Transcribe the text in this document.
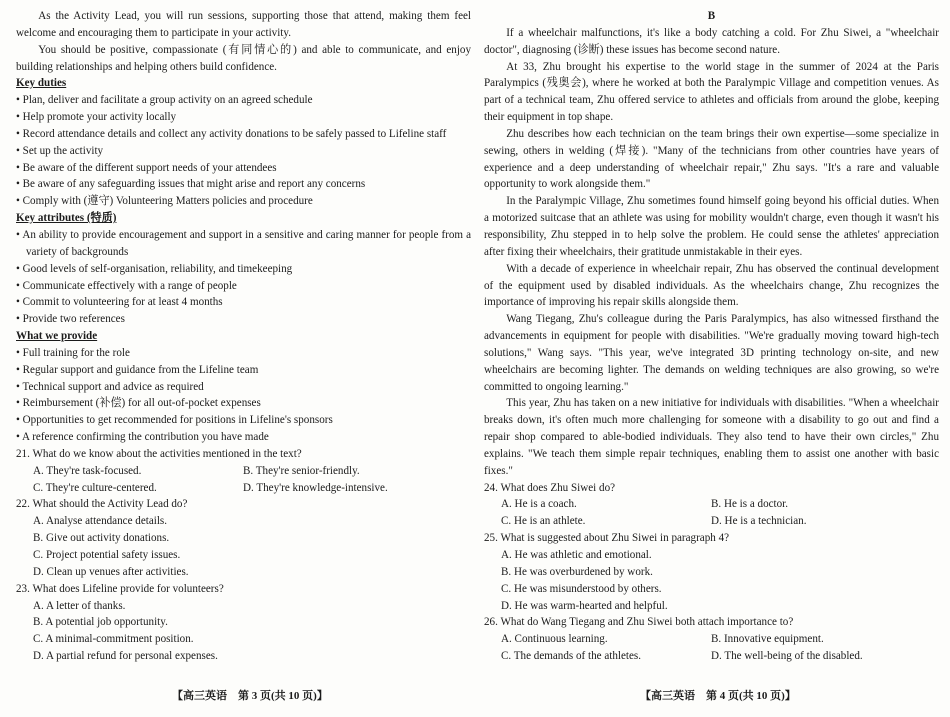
As the Activity Lead, you will run sessions, supporting those that attend, making them feel welcome and encouraging them to participate in your activity.

You should be positive, compassionate (有同情心的) and able to communicate, and enjoy building relationships and helping others build confidence.

Key duties

• Plan, deliver and facilitate a group activity on an agreed schedule

• Help promote your activity locally

• Record attendance details and collect any activity donations to be safely passed to Lifeline staff

• Set up the activity

• Be aware of the different support needs of your attendees

• Be aware of any safeguarding issues that might arise and report any concerns

• Comply with (遵守) Volunteering Matters policies and procedure

Key attributes (特质)

• An ability to provide encouragement and support in a sensitive and caring manner for people from a variety of backgrounds

• Good levels of self-organisation, reliability, and timekeeping

• Communicate effectively with a range of people

• Commit to volunteering for at least 4 months

• Provide two references

What we provide

• Full training for the role

• Regular support and guidance from the Lifeline team

• Technical support and advice as required

• Reimbursement (补偿) for all out-of-pocket expenses

• Opportunities to get recommended for positions in Lifeline's sponsors

• A reference confirming the contribution you have made

21. What do we know about the activities mentioned in the text?

A. They're task-focused.	B. They're senior-friendly.
C. They're culture-centered.	D. They're knowledge-intensive.

22. What should the Activity Lead do?

A. Analyse attendance details.

B. Give out activity donations.

C. Project potential safety issues.

D. Clean up venues after activities.

23. What does Lifeline provide for volunteers?

A. A letter of thanks.

B. A potential job opportunity.

C. A minimal-commitment position.

D. A partial refund for personal expenses.

B

If a wheelchair malfunctions, it's like a body catching a cold. For Zhu Siwei, a "wheelchair doctor", diagnosing (诊断) these issues has become second nature.

At 33, Zhu brought his expertise to the world stage in the summer of 2024 at the Paris Paralympics (残奥会), where he worked at both the Paralympic Village and competition venues. As part of a technical team, Zhu offered service to athletes and officials from around the globe, keeping their equipment in top shape.

Zhu describes how each technician on the team brings their own expertise—some specialize in sewing, others in welding (焊接). "Many of the technicians from other countries have years of experience and a deep understanding of wheelchair repair," Zhu says. "It's a rare and valuable opportunity to work alongside them."

In the Paralympic Village, Zhu sometimes found himself going beyond his official duties. When a motorized suitcase that an athlete was using for mobility wouldn't charge, even though it wasn't his responsibility, Zhu stepped in to help solve the problem. He could sense the athletes' appreciation after fixing their wheelchairs, their gratitude unmistakable in their eyes.

With a decade of experience in wheelchair repair, Zhu has observed the continual development of the equipment used by disabled individuals. As the wheelchairs change, Zhu recognizes the importance of improving his repair skills alongside them.

Wang Tiegang, Zhu's colleague during the Paris Paralympics, has also witnessed firsthand the advancements in equipment for people with disabilities. "We're gradually moving toward high-tech solutions," Wang says. "This year, we've integrated 3D printing technology on-site, and new wheelchairs are becoming lighter. The demands on welding techniques are also growing, so we're committed to ongoing learning."

This year, Zhu has taken on a new initiative for individuals with disabilities. "When a wheelchair breaks down, it's often much more challenging for someone with a disability to go out and find a repair shop compared to able-bodied individuals. They also tend to have their own circles," Zhu explains. "We teach them simple repair techniques, enabling them to assist one another with basic fixes."

24. What does Zhu Siwei do?

A. He is a coach.	B. He is a doctor.
C. He is an athlete.	D. He is a technician.

25. What is suggested about Zhu Siwei in paragraph 4?

A. He was athletic and emotional.

B. He was overburdened by work.

C. He was misunderstood by others.

D. He was warm-hearted and helpful.

26. What do Wang Tiegang and Zhu Siwei both attach importance to?

A. Continuous learning.	B. Innovative equipment.
C. The demands of the athletes.	D. The well-being of the disabled.
【高三英语　第 3 页(共 10 页)】	【高三英语　第 4 页(共 10 页)】
